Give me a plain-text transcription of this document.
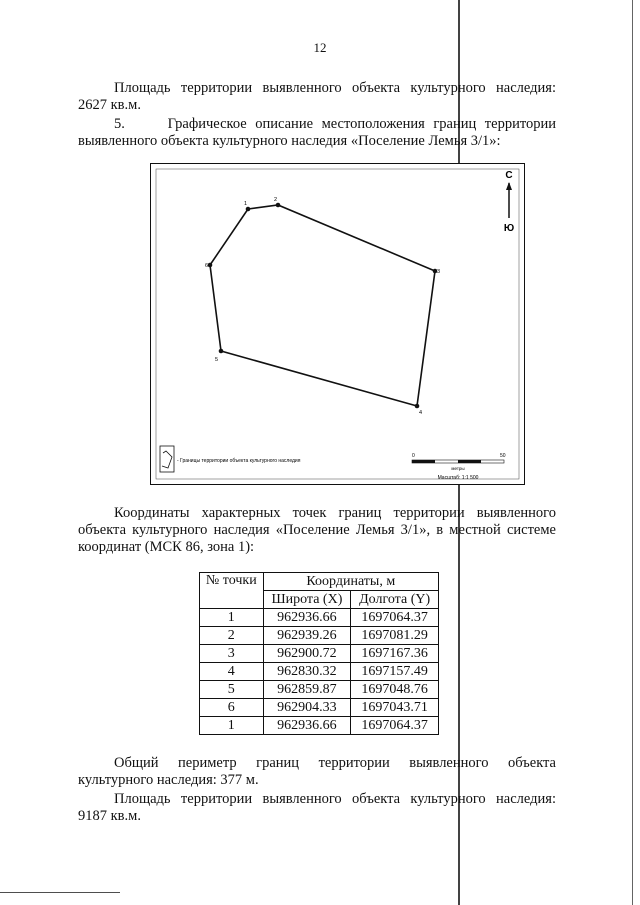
12
Площадь территории выявленного объекта культурного наследия:
2627 кв.м.
5.     Графическое описание местоположения границ территории
выявленного объекта культурного наследия «Поселение Лемья 3/1»:
С
Ю
1
2
3
4
5
6
- Границы территории объекта культурного наследия
0	50
метры
Масштаб: 1:1 500
Координаты характерных точек границ территории выявленного
объекта культурного наследия «Поселение Лемья 3/1», в местной системе
координат (МСК 86, зона 1):
№ точки	Координаты, м	
	Широта (X)	Долгота (Y)
1	962936.66	1697064.37
2	962939.26	1697081.29
3	962900.72	1697167.36
4	962830.32	1697157.49
5	962859.87	1697048.76
6	962904.33	1697043.71
1	962936.66	1697064.37
Общий периметр границ территории выявленного объекта
культурного наследия: 377 м.
Площадь территории выявленного объекта культурного наследия:
9187 кв.м.
